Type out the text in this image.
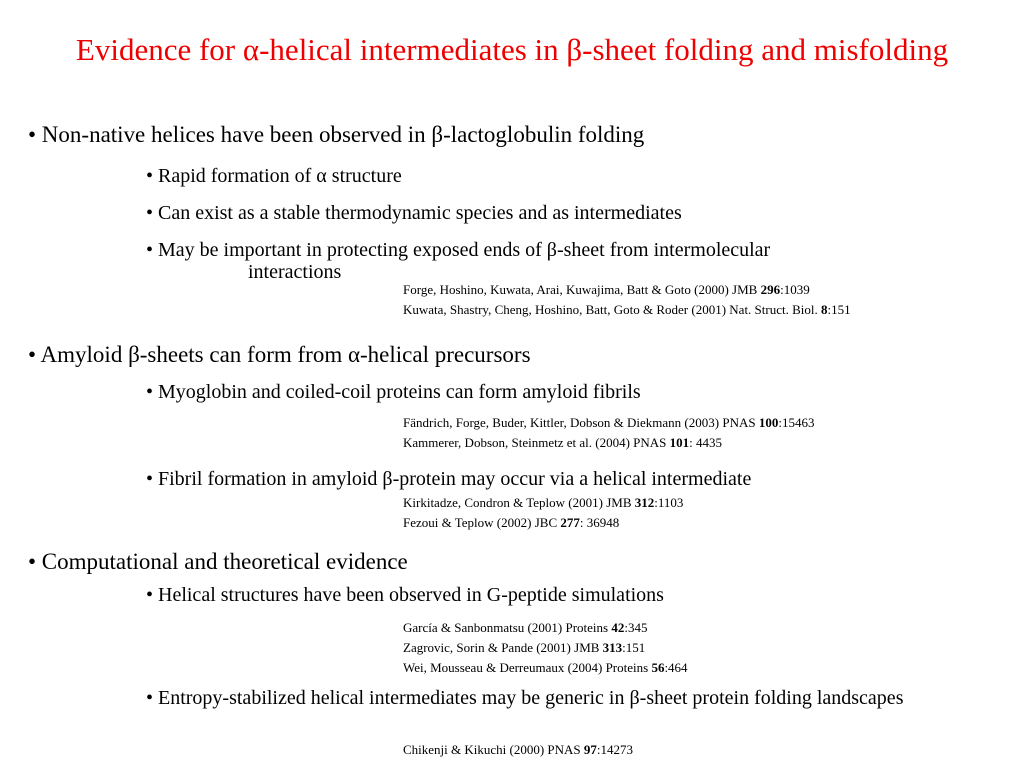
Evidence for α-helical intermediates in β-sheet folding and misfolding
• Non-native helices have been observed in β-lactoglobulin folding
• Rapid formation of α structure
• Can exist as a stable thermodynamic species and as intermediates
• May be important in protecting exposed ends of β-sheet from intermolecular
interactions
Forge, Hoshino, Kuwata, Arai, Kuwajima, Batt & Goto (2000) JMB 296:1039
Kuwata, Shastry, Cheng, Hoshino, Batt, Goto & Roder (2001) Nat. Struct. Biol. 8:151
• Amyloid β-sheets can form from α-helical precursors
• Myoglobin and coiled-coil proteins can form amyloid fibrils
Fändrich, Forge, Buder, Kittler, Dobson & Diekmann (2003) PNAS 100:15463
Kammerer, Dobson, Steinmetz et al. (2004) PNAS 101: 4435
• Fibril formation in amyloid β-protein may occur via a helical intermediate
Kirkitadze, Condron & Teplow (2001) JMB 312:1103
Fezoui & Teplow (2002) JBC 277: 36948
• Computational and theoretical evidence
• Helical structures have been observed in G-peptide simulations
García & Sanbonmatsu (2001) Proteins 42:345
Zagrovic, Sorin & Pande (2001) JMB 313:151
Wei, Mousseau & Derreumaux (2004) Proteins 56:464
• Entropy-stabilized helical intermediates may be generic in β-sheet protein folding landscapes
Chikenji & Kikuchi (2000) PNAS 97:14273
